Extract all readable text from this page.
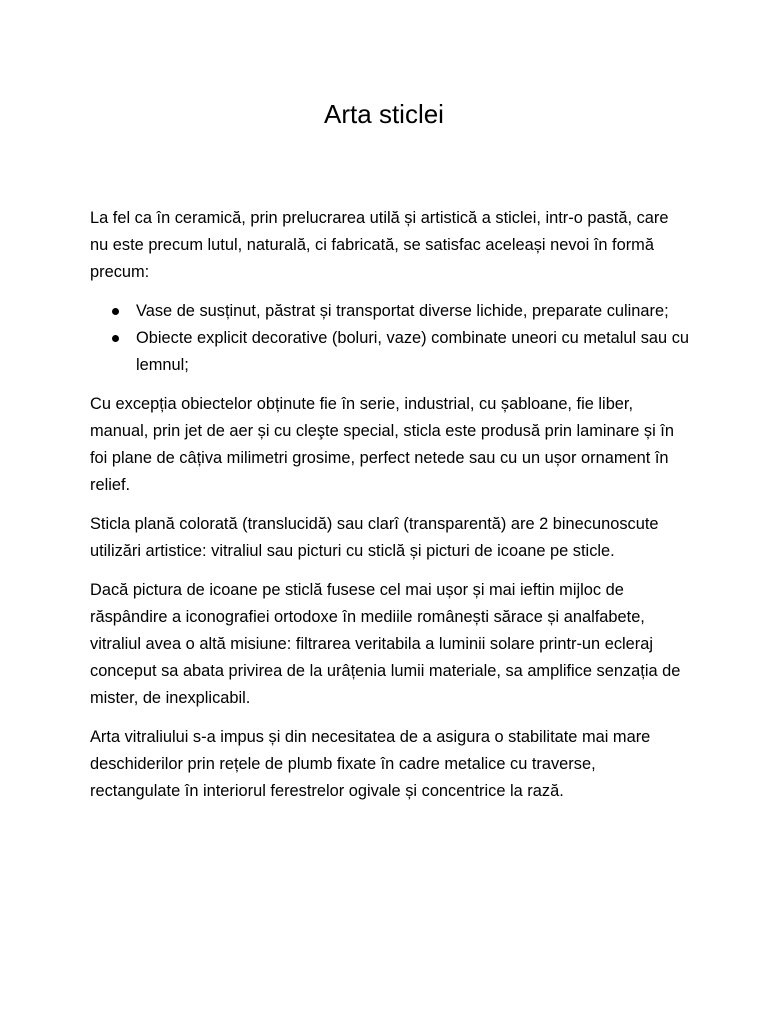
Arta sticlei

La fel ca în ceramică, prin prelucrarea utilă și artistică a sticlei, intr-o pastă, care nu este precum lutul, naturală, ci fabricată, se satisfac aceleași nevoi în formă precum:

Vase de susținut, păstrat și transportat diverse lichide, preparate culinare;
Obiecte explicit decorative (boluri, vaze) combinate uneori cu metalul sau cu lemnul;

Cu excepția obiectelor obținute fie în serie, industrial, cu șabloane, fie liber, manual, prin jet de aer și cu cleşte special, sticla este produsă prin laminare și în foi plane de câțiva milimetri grosime, perfect netede sau cu un ușor ornament în relief.

Sticla plană colorată (translucidă) sau clarî (transparentă) are 2 binecunoscute utilizări artistice: vitraliul sau picturi cu sticlă și picturi de icoane pe sticle.

Dacă pictura de icoane pe sticlă fusese cel mai ușor și mai ieftin mijloc de răspândire a iconografiei ortodoxe în mediile românești sărace și analfabete, vitraliul avea o altă misiune: filtrarea veritabila a luminii solare printr-un ecleraj conceput sa abata privirea de la urâțenia lumii materiale, sa amplifice senzația de mister, de inexplicabil.

Arta vitraliului s-a impus și din necesitatea de a asigura o stabilitate mai mare deschiderilor prin rețele de plumb fixate în cadre metalice cu traverse, rectangulate în interiorul ferestrelor ogivale și concentrice la rază.
